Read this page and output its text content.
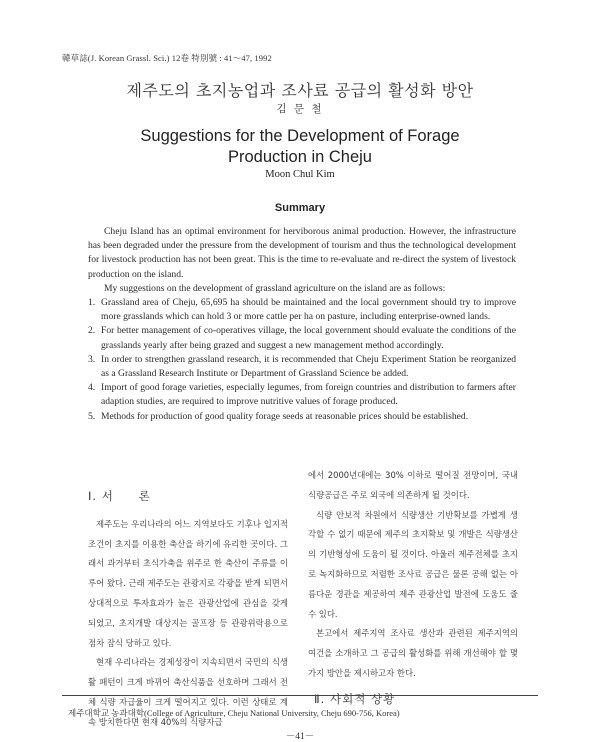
韓草誌(J. Korean Grassl. Sci.) 12卷 特別號 : 41～47, 1992
제주도의 초지농업과 조사료 공급의 활성화 방안
김 문 철
Suggestions for the Development of Forage
Production in Cheju
Moon Chul Kim
Summary

Cheju Island has an optimal environment for herviborous animal production. However, the infrastructure has been degraded under the pressure from the development of tourism and thus the technological development for livestock production has not been great. This is the time to re-evaluate and re-direct the system of livestock production on the island.

My suggestions on the development of grassland agriculture on the island are as follows:

1. Grassland area of Cheju, 65,695 ha should be maintained and the local government should try to improve more grasslands which can hold 3 or more cattle per ha on pasture, including enterprise-owned lands.
2. For better management of co-operatives village, the local government should evaluate the conditions of the grasslands yearly after being grazed and suggest a new management method accordingly.
3. In order to strengthen grassland research, it is recommended that Cheju Experiment Station be reorganized as a Grassland Research Institute or Department of Grassland Science be added.
4. Import of good forage varieties, especially legumes, from foreign countries and distribution to farmers after adaption studies, are required to improve nutritive values of forage produced.
5. Methods for production of good quality forage seeds at reasonable prices should be established.
Ⅰ. 서　　론

제주도는 우리나라의 어느 지역보다도 기후나 입지적 조건이 초지를 이용한 축산을 하기에 유리한 곳이다. 그래서 과거부터 초식가축을 위주로 한 축산이 주류를 이루어 왔다. 근래 제주도는 관광지로 각광을 받게 되면서 상대적으로 투자효과가 높은 관광산업에 관심을 갖게 되었고, 초지개발 대상지는 골프장 등 관광위락용으로 점차 잠식 당하고 있다.

현재 우리나라는 경제성장이 지속되면서 국민의 식생활 패턴이 크게 바뀌어 축산식품을 선호하며 그래서 전체 식량 자급율이 크게 떨어지고 있다. 이런 상태로 계속 방치한다면 현재 40%의 식량자급

에서 2000년대에는 30% 이하로 떨어질 전망이며, 국내 식량공급은 주로 외국에 의존하게 될 것이다.

식량 안보적 차원에서 식량생산 기반확보를 가볍게 생각할 수 없기 때문에 제주의 초지확보 및 개발은 식량생산의 기반형성에 도움이 될 것이다. 아울러 제주전체를 초지로 녹지화하므로 저렴한 조사료 공급은 물론 공해 없는 아름다운 경관을 제공하여 제주 관광산업 발전에 도움도 줄 수 있다.

본고에서 제주지역 조사료 생산과 관련된 제주지역의 여건을 소개하고 그 공급의 활성화를 위해 개선해야 할 몇가지 방안을 제시하고자 한다.

Ⅱ. 사회적 상황
제주대학교 농과대학(College of Agriculture, Cheju National University, Cheju 690-756, Korea)
－41－
